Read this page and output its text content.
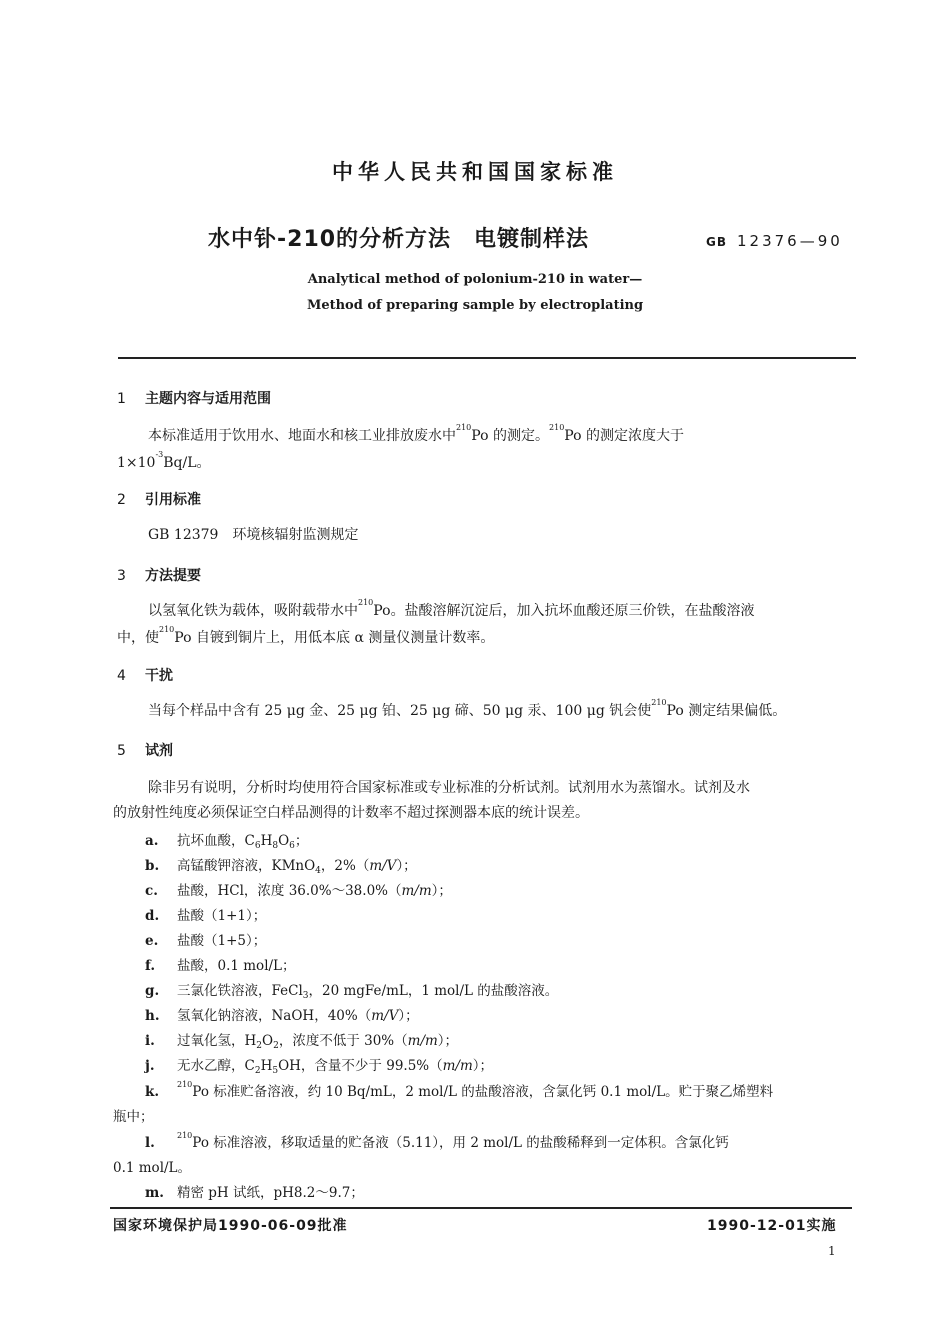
中华人民共和国国家标准
水中钋-210的分析方法　电镀制样法	GB 12376—90
Analytical method of polonium-210 in water—
Method of preparing sample by electroplating
1 主题内容与适用范围
本标准适用于饮用水、地面水和核工业排放废水中$^{210}$Po 的测定。$^{210}$Po 的测定浓度大于
$1\times 10^{-3}Bq/L$。
2 引用标准
GB 12379　环境核辐射监测规定
3 方法提要
以氢氧化铁为载体，吸附载带水中$^{210}$Po。盐酸溶解沉淀后，加入抗坏血酸还原三价铁，在盐酸溶液
中，使$^{210}$Po 自镀到铜片上，用低本底 α 测量仪测量计数率。
4 干扰
当每个样品中含有 25 μg 金、25 μg 铂、25 μg 碲、50 μg 汞、100 μg 钒会使$^{210}$Po 测定结果偏低。
5 试剂
除非另有说明，分析时均使用符合国家标准或专业标准的分析试剂。试剂用水为蒸馏水。试剂及水
的放射性纯度必须保证空白样品测得的计数率不超过探测器本底的统计误差。
a. 抗坏血酸，$C_6H_8O_6$；
b. 高锰酸钾溶液，KMnO$_4$，2%（m/V）；
c. 盐酸，HCl，浓度 36.0%～38.0%（m/m）；
d. 盐酸（1+1）；
e. 盐酸（1+5）；
f. 盐酸，0.1 mol/L；
g. 三氯化铁溶液，FeCl$_3$，20 mgFe/mL，1 mol/L 的盐酸溶液。
h. 氢氧化钠溶液，NaOH，40%（m/V）；
i. 过氧化氢，$H_2O_2$，浓度不低于 30%（m/m）；
j. 无水乙醇，$C_2H_5OH$，含量不少于 99.5%（m/m）；
k. $^{210}$Po 标准贮备溶液，约 10 Bq/mL，2 mol/L 的盐酸溶液，含氯化钙 0.1 mol/L。贮于聚乙烯塑料
瓶中；
l.	$^{210}$Po 标准溶液，移取适量的贮备液（5.11），用 2 mol/L 的盐酸稀释到一定体积。含氯化钙
0.1 mol/L。
m. 精密 pH 试纸，pH8.2～9.7；
国家环境保护局1990-06-09批准	1990-12-01实施
1
